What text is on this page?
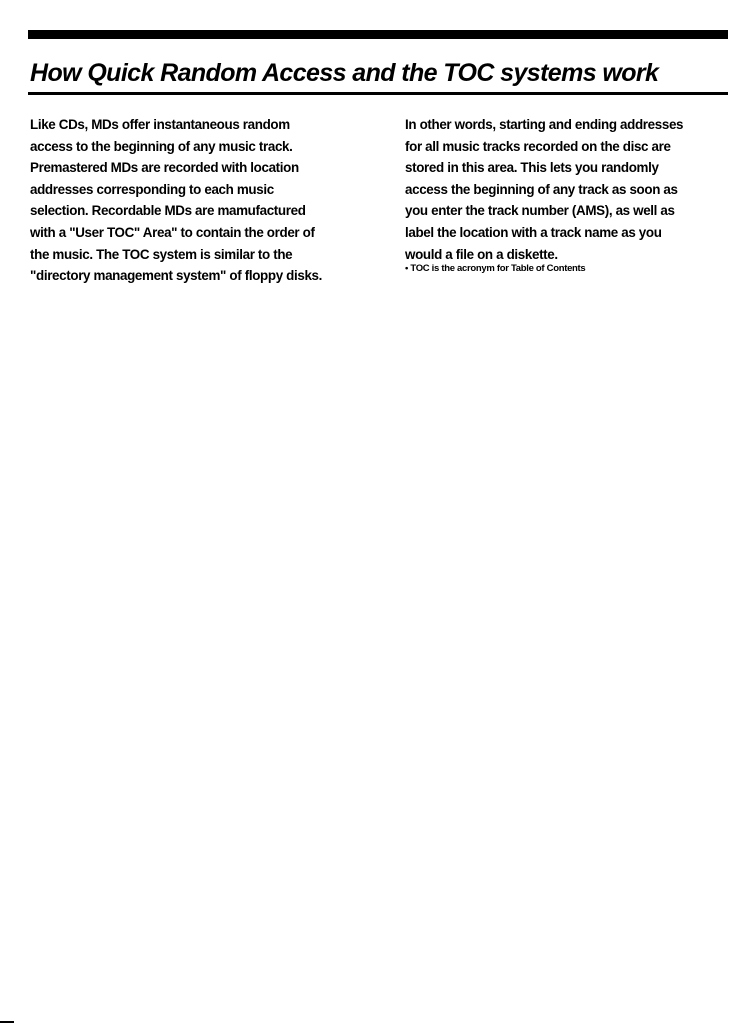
How Quick Random Access and the TOC systems work

Like CDs, MDs offer instantaneous random
access to the beginning of any music track.
Premastered MDs are recorded with location
addresses corresponding to each music
selection. Recordable MDs are mamufactured
with a "User TOC" Area" to contain the order of
the music. The TOC system is similar to the
"directory management system" of floppy disks.

In other words, starting and ending addresses
for all music tracks recorded on the disc are
stored in this area. This lets you randomly
access the beginning of any track as soon as
you enter the track number (AMS), as well as
label the location with a track name as you
would a file on a diskette.

• TOC is the acronym for Table of Contents
